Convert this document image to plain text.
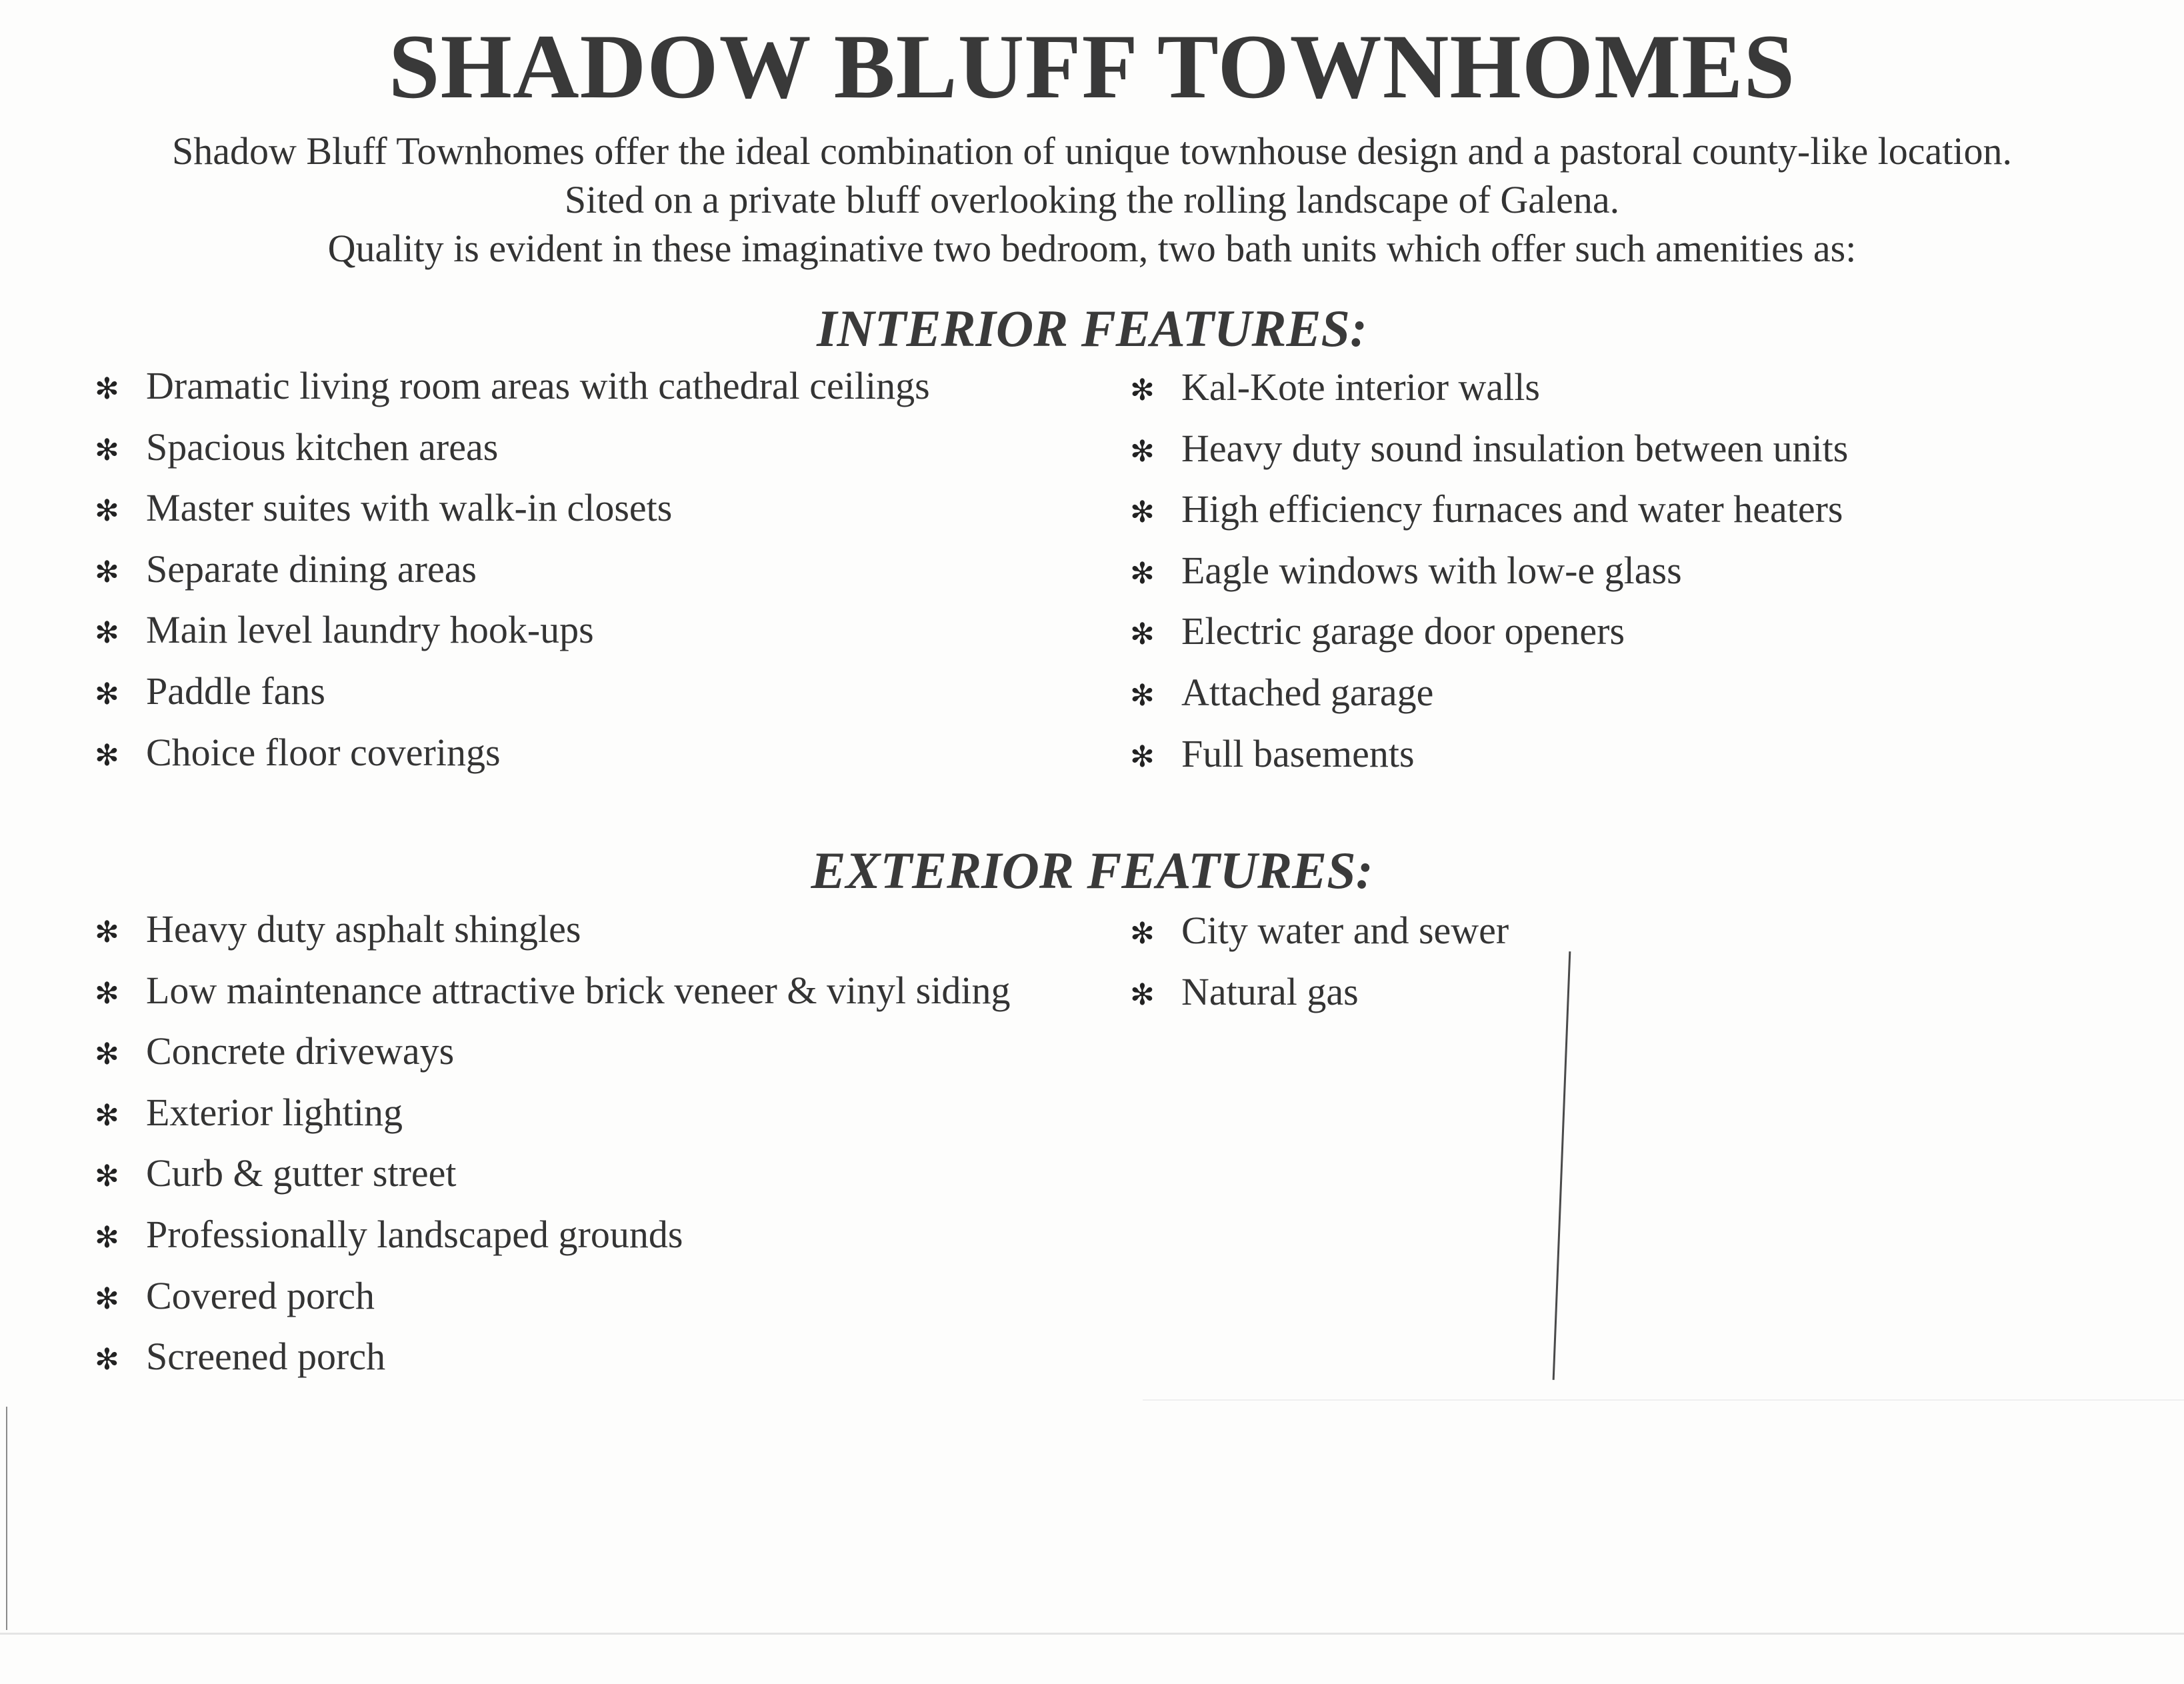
SHADOW BLUFF TOWNHOMES
Shadow Bluff Townhomes offer the ideal combination of unique townhouse design and a pastoral county-like location.
Sited on a private bluff overlooking the rolling landscape of Galena.
Quality is evident in these imaginative two bedroom, two bath units which offer such amenities as:
INTERIOR FEATURES:
✻ Dramatic living room areas with cathedral ceilings
✻ Spacious kitchen areas
✻ Master suites with walk-in closets
✻ Separate dining areas
✻ Main level laundry hook-ups
✻ Paddle fans
✻ Choice floor coverings
✻ Kal-Kote interior walls
✻ Heavy duty sound insulation between units
✻ High efficiency furnaces and water heaters
✻ Eagle windows with low-e glass
✻ Electric garage door openers
✻ Attached garage
✻ Full basements
EXTERIOR FEATURES:
✻ Heavy duty asphalt shingles
✻ Low maintenance attractive brick veneer & vinyl siding
✻ Concrete driveways
✻ Exterior lighting
✻ Curb & gutter street
✻ Professionally landscaped grounds
✻ Covered porch
✻ Screened porch
✻ City water and sewer
✻ Natural gas
